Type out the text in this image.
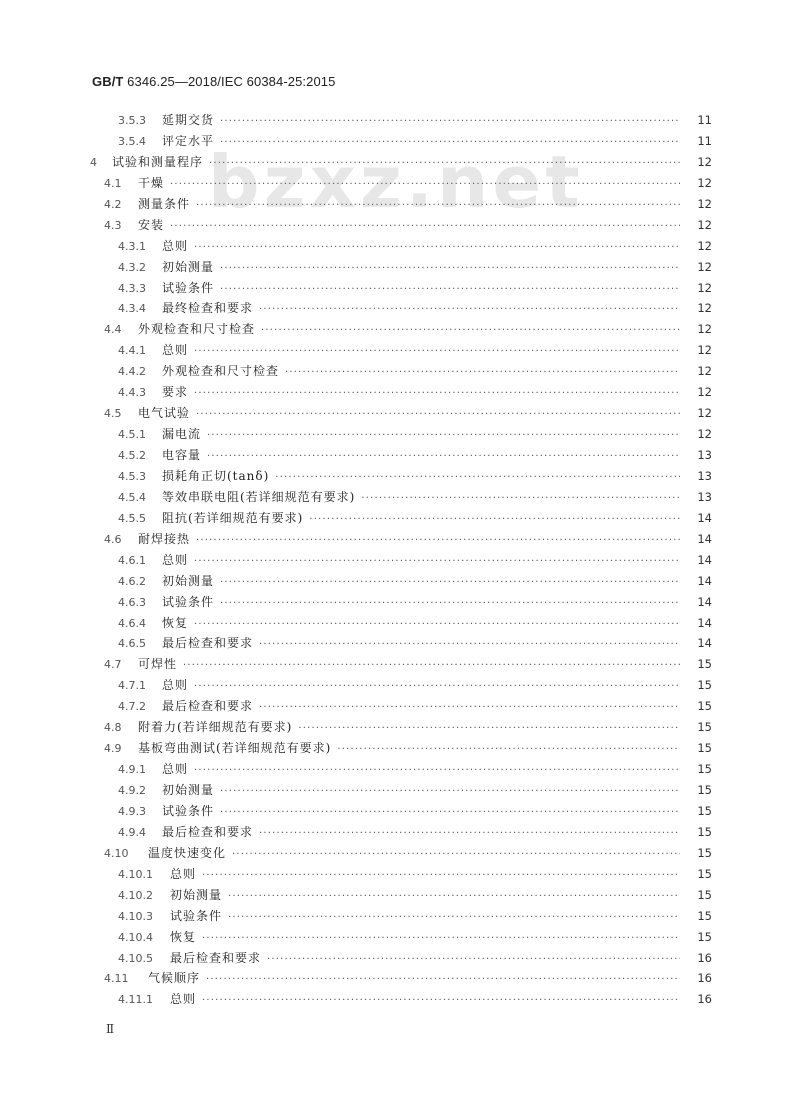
GB/T 6346.25—2018/IEC 60384-25:2015
bzxz.net
3.5.3	延期交货 ·····	11
3.5.4	评定水平 ·····	11
4	试验和测量程序 ·····	12
4.1	干燥 ·····	12
4.2	测量条件 ·····	12
4.3	安装 ·····	12
4.3.1	总则 ·····	12
4.3.2	初始测量 ·····	12
4.3.3	试验条件 ·····	12
4.3.4	最终检查和要求 ·····	12
4.4	外观检查和尺寸检查 ·····	12
4.4.1	总则 ·····	12
4.4.2	外观检查和尺寸检查 ·····	12
4.4.3	要求 ·····	12
4.5	电气试验 ·····	12
4.5.1	漏电流 ·····	12
4.5.2	电容量 ·····	13
4.5.3	损耗角正切(tanδ) ·····	13
4.5.4	等效串联电阻(若详细规范有要求) ·····	13
4.5.5	阻抗(若详细规范有要求) ·····	14
4.6	耐焊接热 ·····	14
4.6.1	总则 ·····	14
4.6.2	初始测量 ·····	14
4.6.3	试验条件 ·····	14
4.6.4	恢复 ·····	14
4.6.5	最后检查和要求 ·····	14
4.7	可焊性 ·····	15
4.7.1	总则 ·····	15
4.7.2	最后检查和要求 ·····	15
4.8	附着力(若详细规范有要求) ·····	15
4.9	基板弯曲测试(若详细规范有要求) ·····	15
4.9.1	总则 ·····	15
4.9.2	初始测量 ·····	15
4.9.3	试验条件 ·····	15
4.9.4	最后检查和要求 ·····	15
4.10	温度快速变化 ·····	15
4.10.1	总则 ·····	15
4.10.2	初始测量 ·····	15
4.10.3	试验条件 ·····	15
4.10.4	恢复 ·····	15
4.10.5	最后检查和要求 ·····	16
4.11	气候顺序 ·····	16
4.11.1	总则 ·····	16
Ⅱ
